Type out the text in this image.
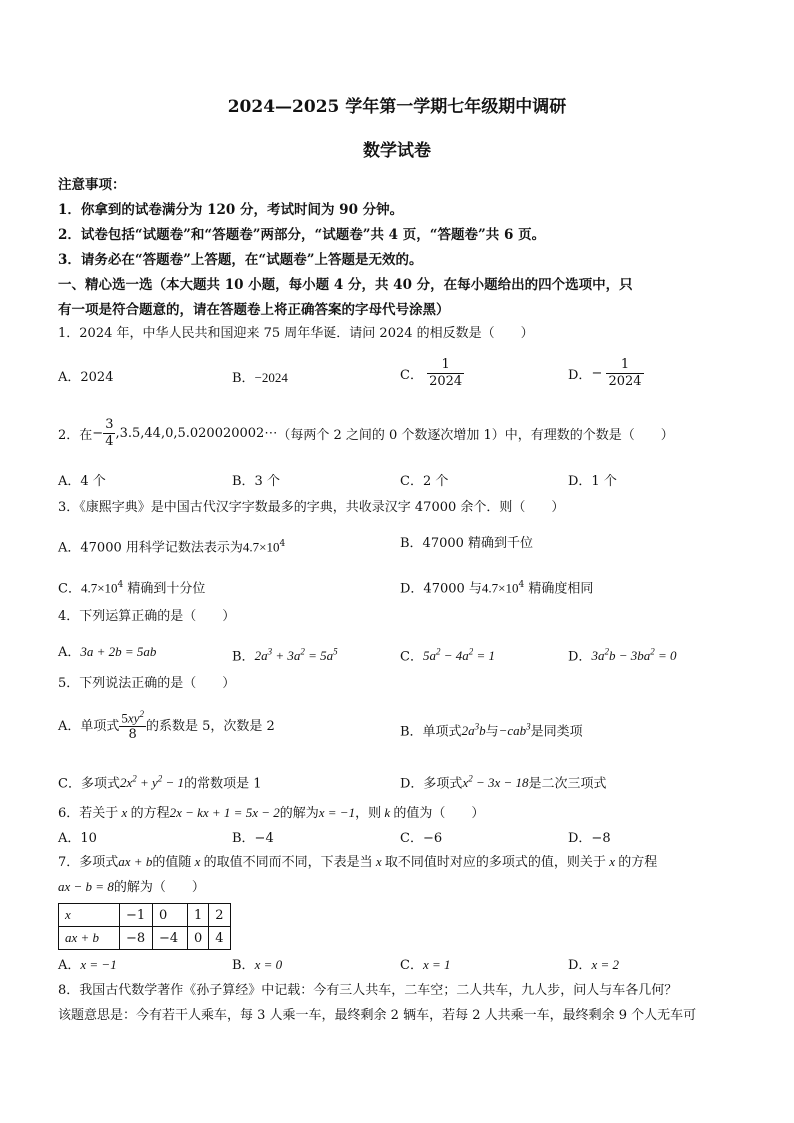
2024—2025 学年第一学期七年级期中调研
数学试卷
注意事项：
1．你拿到的试卷满分为 120 分，考试时间为 90 分钟。
2．试卷包括“试题卷”和“答题卷”两部分，“试题卷”共 4 页，“答题卷”共 6 页。
3．请务必在“答题卷”上答题，在“试题卷”上答题是无效的。
一、精心选一选（本大题共 10 小题，每小题 4 分，共 40 分，在每小题给出的四个选项中，只
有一项是符合题意的，请在答题卷上将正确答案的字母代号涂黑）
1．2024 年，中华人民共和国迎来 75 周年华诞．请问 2024 的相反数是（　　）
A．2024	B．−2024	C． $\frac{1}{2024}$	D．− $\frac{1}{2024}$
2．在− $\frac{3}{4}$ ,3.5,44,0,5.020020002⋯（每两个 2 之间的 0 个数逐次增加 1）中，有理数的个数是（　　）
A．4 个	B．3 个	C．2 个	D．1 个
3．《康熙字典》是中国古代汉字字数最多的字典，共收录汉字 47000 余个．则（　　）
A．47000 用科学记数法表示为$4.7\times 10^4$	B．47000 精确到千位
C．$4.7\times 10^4$ 精确到十分位	D．47000 与$4.7\times 10^4$ 精确度相同
4．下列运算正确的是（　　）
A．3a + 2b = 5ab	B．$2a^3 + 3a^2 = 5a^5$	C．$5a^2 - 4a^2 = 1$	D．$3a^2b - 3ba^2 = 0$
5．下列说法正确的是（　　）
A．单项式 $\frac{5xy^2}{8}$ 的系数是 5，次数是 2	B．单项式$2a^3b$与−cab$^3$是同类项
C．多项式$2x^2 + y^2 - 1$的常数项是 1	D．多项式$x^2 - 3x - 18$是二次三项式
6．若关于 x 的方程2x − kx + 1 = 5x − 2的解为x = −1，则 k 的值为（　　）
A．10	B．−4	C．−6	D．−8
7．多项式ax + b的值随 x 的取值不同而不同，下表是当 x 取不同值时对应的多项式的值，则关于 x 的方程
ax − b = 8的解为（　　）
x	−1	0	1	2
ax + b	−8	−4	0	4
A．x = −1	B．x = 0	C．x = 1	D．x = 2
8．我国古代数学著作《孙子算经》中记载：今有三人共车，二车空；二人共车，九人步，问人与车各几何？
该题意思是：今有若干人乘车，每 3 人乘一车，最终剩余 2 辆车，若每 2 人共乘一车，最终剩余 9 个人无车可
